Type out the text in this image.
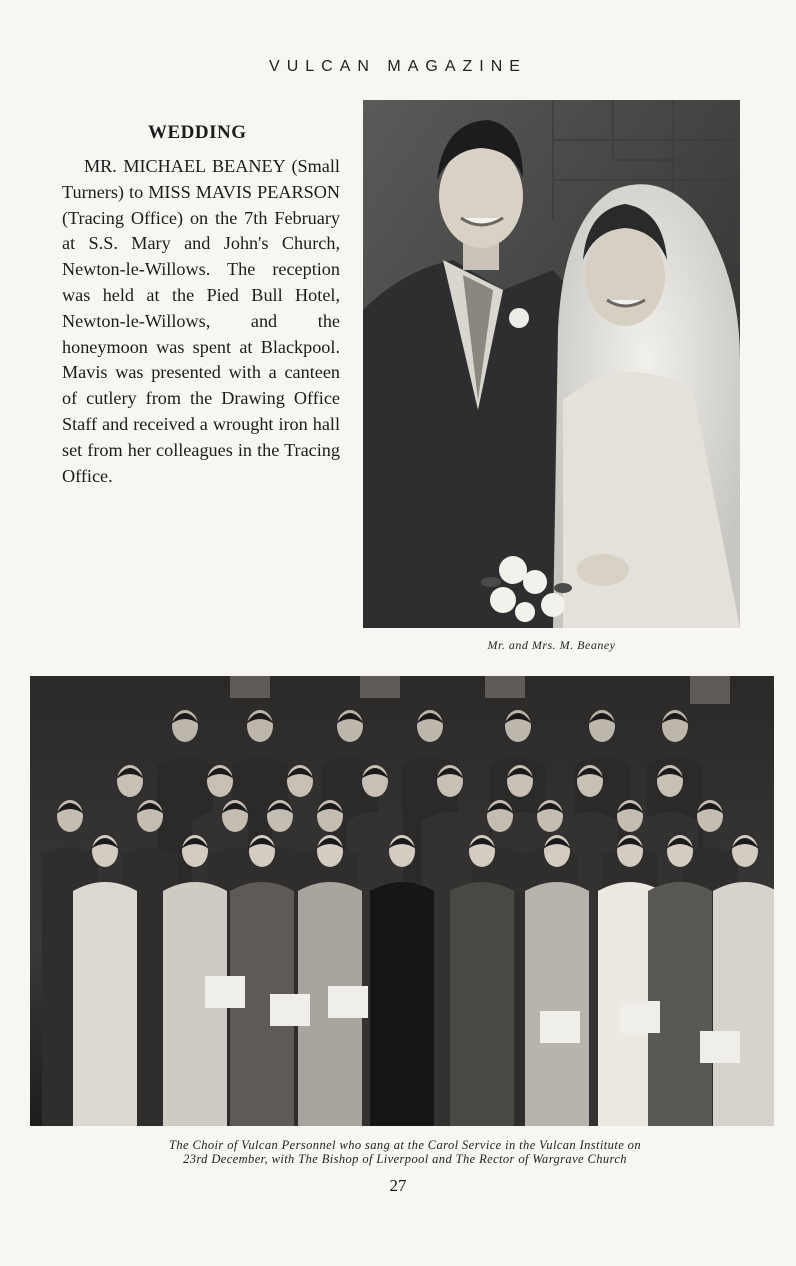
VULCAN MAGAZINE
WEDDING

MR. MICHAEL BEANEY (Small Turners) to MISS MAVIS PEARSON (Tracing Office) on the 7th February at S.S. Mary and John's Church, Newton-le-Willows. The reception was held at the Pied Bull Hotel, Newton-le-Willows, and the honeymoon was spent at Blackpool. Mavis was presented with a canteen of cutlery from the Drawing Office Staff and received a wrought iron hall set from her colleagues in the Tracing Office.

Mr. and Mrs. M. Beaney
The Choir of Vulcan Personnel who sang at the Carol Service in the Vulcan Institute on
23rd December, with The Bishop of Liverpool and The Rector of Wargrave Church
27
